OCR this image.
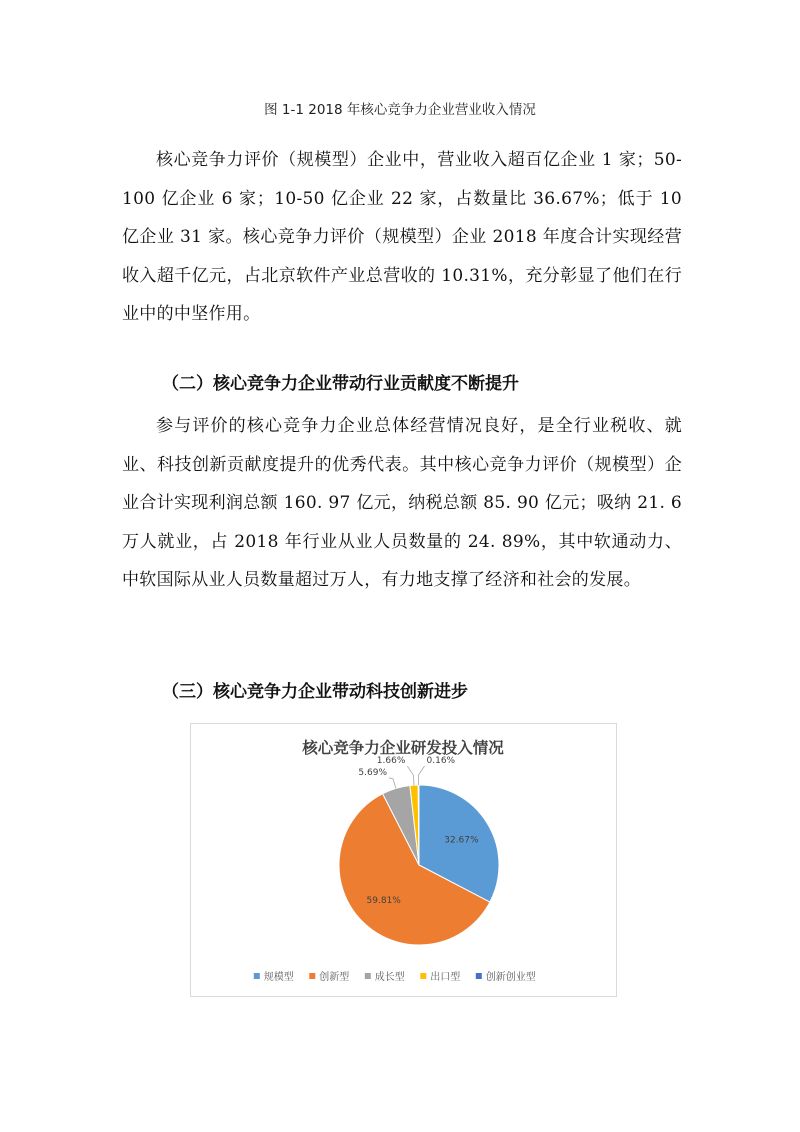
图 1-1 2018 年核心竞争力企业营业收入情况

核心竞争力评价（规模型）企业中，营业收入超百亿企业 1 家；50-100 亿企业 6 家；10-50 亿企业 22 家，占数量比 36.67%；低于 10 亿企业 31 家。核心竞争力评价（规模型）企业 2018 年度合计实现经营收入超千亿元，占北京软件产业总营收的 10.31%，充分彰显了他们在行业中的中坚作用。

（二）核心竞争力企业带动行业贡献度不断提升

参与评价的核心竞争力企业总体经营情况良好，是全行业税收、就业、科技创新贡献度提升的优秀代表。其中核心竞争力评价（规模型）企业合计实现利润总额 160. 97 亿元，纳税总额 85. 90 亿元；吸纳 21. 6 万人就业，占 2018 年行业从业人员数量的 24. 89%，其中软通动力、中软国际从业人员数量超过万人，有力地支撑了经济和社会的发展。

（三）核心竞争力企业带动科技创新进步
核心竞争力企业研发投入情况
32.67%
59.81%
5.69%
1.66% 0.16%
规模型	创新型	成长型	出口型	创新创业型
